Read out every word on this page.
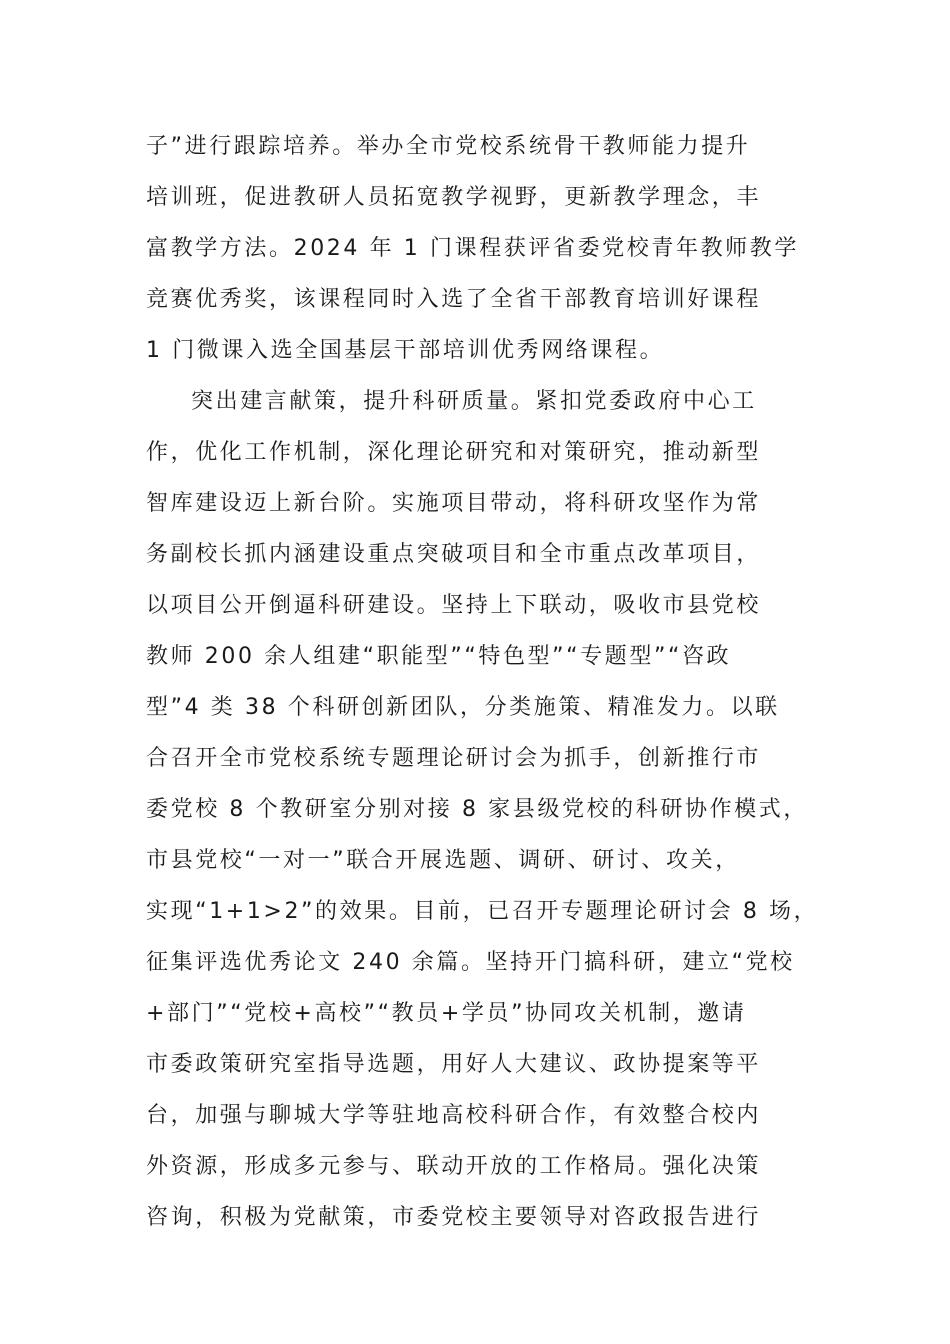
子”进行跟踪培养。举办全市党校系统骨干教师能力提升
培训班，促进教研人员拓宽教学视野，更新教学理念，丰
富教学方法。2024 年 1 门课程获评省委党校青年教师教学
竞赛优秀奖，该课程同时入选了全省干部教育培训好课程
1 门微课入选全国基层干部培训优秀网络课程。
突出建言献策，提升科研质量。紧扣党委政府中心工
作，优化工作机制，深化理论研究和对策研究，推动新型
智库建设迈上新台阶。实施项目带动，将科研攻坚作为常
务副校长抓内涵建设重点突破项目和全市重点改革项目，
以项目公开倒逼科研建设。坚持上下联动，吸收市县党校
教师 200 余人组建“职能型”“特色型”“专题型”“咨政
型”4 类 38 个科研创新团队，分类施策、精准发力。以联
合召开全市党校系统专题理论研讨会为抓手，创新推行市
委党校 8 个教研室分别对接 8 家县级党校的科研协作模式，
市县党校“一对一”联合开展选题、调研、研讨、攻关，
实现“1+1>2”的效果。目前，已召开专题理论研讨会 8 场，
征集评选优秀论文 240 余篇。坚持开门搞科研，建立“党校
+部门”“党校+高校”“教员+学员”协同攻关机制，邀请
市委政策研究室指导选题，用好人大建议、政协提案等平
台，加强与聊城大学等驻地高校科研合作，有效整合校内
外资源，形成多元参与、联动开放的工作格局。强化决策
咨询，积极为党献策，市委党校主要领导对咨政报告进行
